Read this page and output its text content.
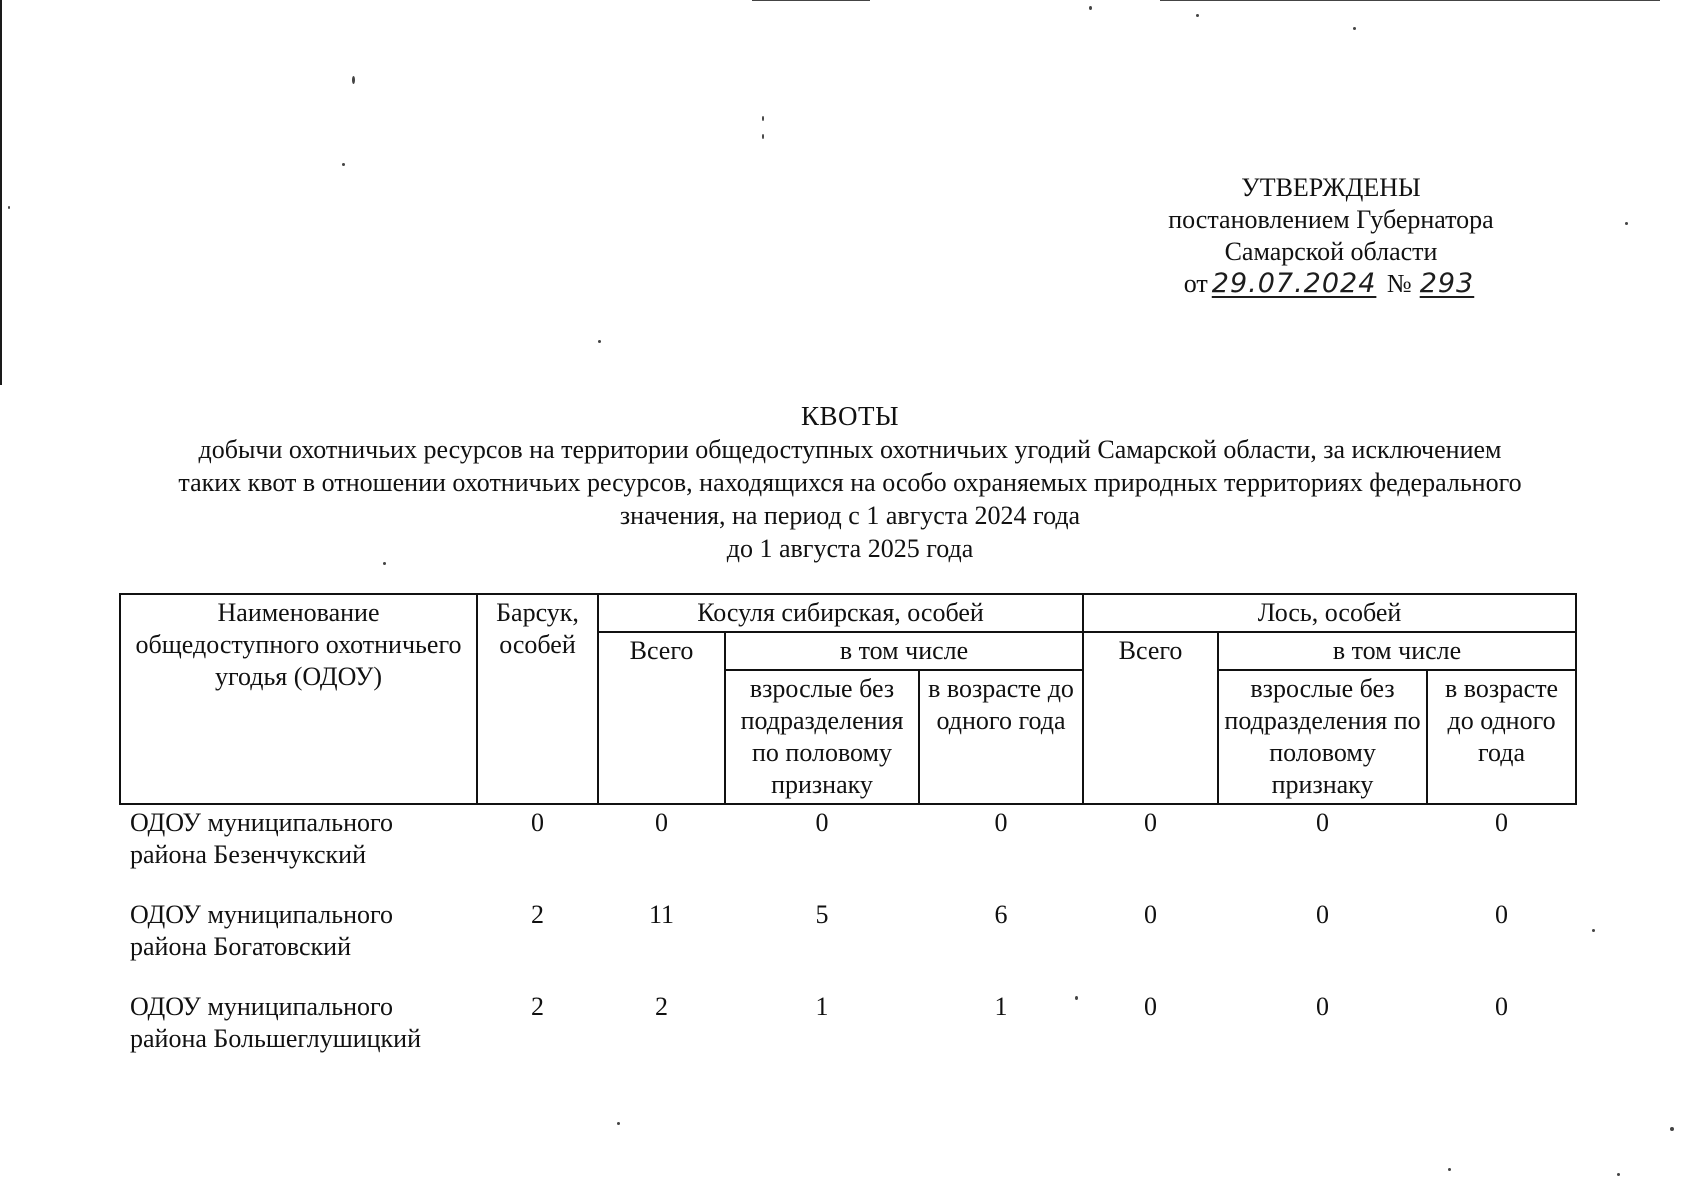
УТВЕРЖДЕНЫ
постановлением Губернатора
Самарской области
от 29.07.2024 № 293
КВОТЫ
добычи охотничьих ресурсов на территории общедоступных охотничьих угодий Самарской области, за исключением
таких квот в отношении охотничьих ресурсов, находящихся на особо охраняемых природных территориях федерального
значения, на период с 1 августа 2024 года
до 1 августа 2025 года
Наименование общедоступного охотничьего угодья (ОДОУ)	Барсук, особей	Косуля сибирская, особей			Лось, особей		
		Всего	в том числе		Всего	в том числе	
			взрослые без подразделения по половому признаку	в возрасте до одного года		взрослые без подразделения по половому признаку	в возрасте до одного года
ОДОУ муниципального района Безенчукский	0	0	0	0	0	0	0
ОДОУ муниципального района Богатовский	2	11	5	6	0	0	0
ОДОУ муниципального района Большеглушицкий	2	2	1	1	0	0	0
